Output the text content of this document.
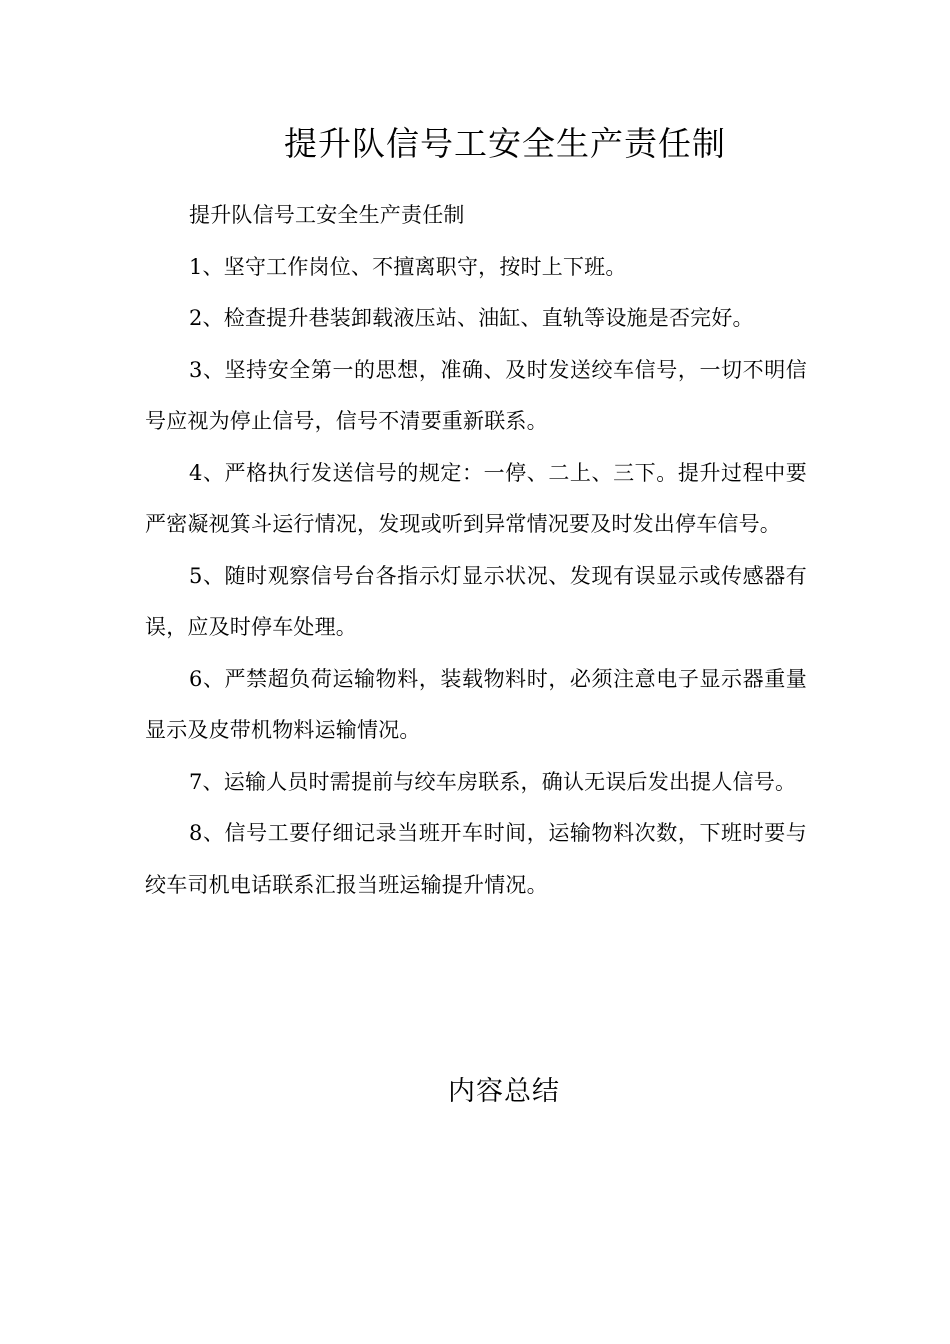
提升队信号工安全生产责任制

提升队信号工安全生产责任制

1、坚守工作岗位、不擅离职守，按时上下班。

2、检查提升巷装卸载液压站、油缸、直轨等设施是否完好。

3、坚持安全第一的思想，准确、及时发送绞车信号，一切不明信号应视为停止信号，信号不清要重新联系。

4、严格执行发送信号的规定：一停、二上、三下。提升过程中要严密凝视箕斗运行情况，发现或听到异常情况要及时发出停车信号。

5、随时观察信号台各指示灯显示状况、发现有误显示或传感器有误，应及时停车处理。

6、严禁超负荷运输物料，装载物料时，必须注意电子显示器重量显示及皮带机物料运输情况。

7、运输人员时需提前与绞车房联系，确认无误后发出提人信号。

8、信号工要仔细记录当班开车时间，运输物料次数，下班时要与绞车司机电话联系汇报当班运输提升情况。

内容总结
